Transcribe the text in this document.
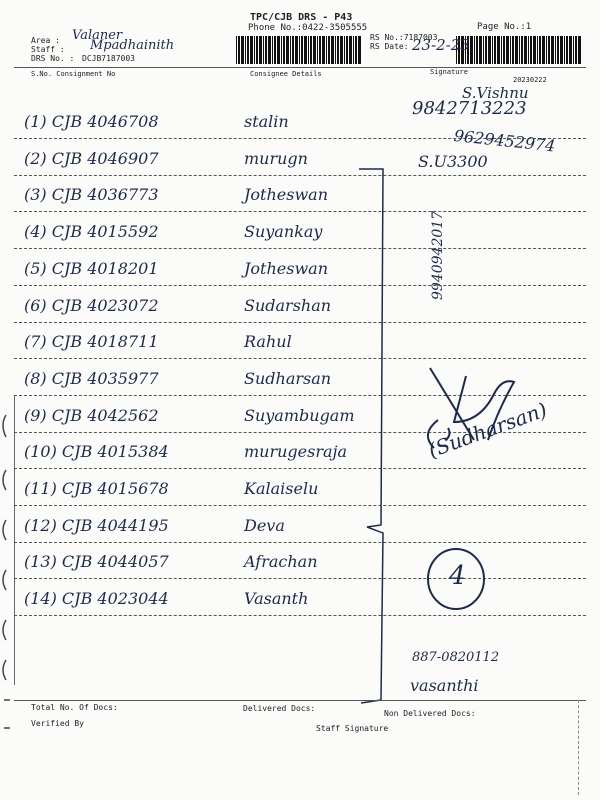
TPC/CJB DRS - P43
Phone No.:0422-3505555	Page No.:1
Area : Valaner
Staff : Mpadhainith
DRS No. : DCJB7187003
RS No.:7187003
RS Date: 23-2-23
S.No. Consignment No	Consignee Details	Signature
20230222
(1) CJB 4046708	stalin
(2) CJB 4046907	murugn
(3) CJB 4036773	Jotheswan
(4) CJB 4015592	Suyankay
(5) CJB 4018201	Jotheswan
(6) CJB 4023072	Sudarshan
(7) CJB 4018711	Rahul
(8) CJB 4035977	Sudharsan
(9) CJB 4042562	Suyambugam
(10) CJB 4015384	murugesraja
(11) CJB 4015678	Kalaiselu
(12) CJB 4044195	Deva
(13) CJB 4044057	Afrachan
(14) CJB 4023044	Vasanth
S.Vishnu
9842713223
9629452974
S.U3300
9940942017
(Sudharsan)
4
887-0820112
vasanthi
Total No. Of Docs:	Delivered Docs:
Non Delivered Docs:
Verified By
Staff Signature
